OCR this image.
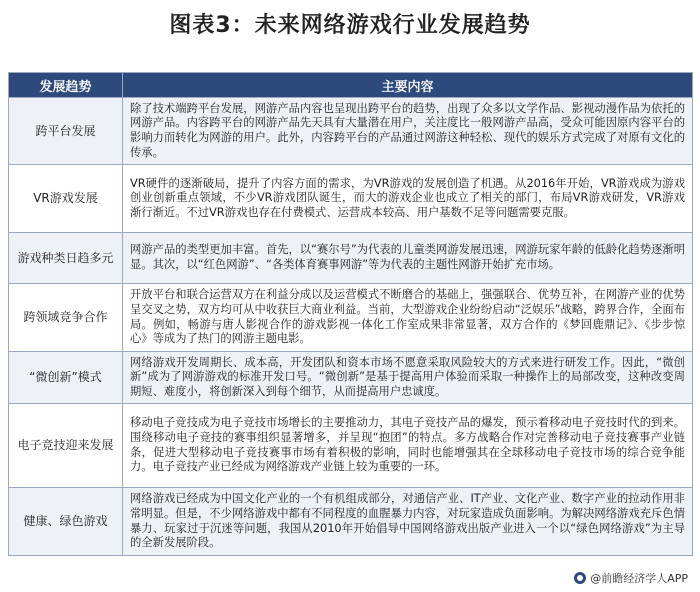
图表3：未来网络游戏行业发展趋势
发展趋势	主要内容
跨平台发展	除了技术端跨平台发展，网游产品内容也呈现出跨平台的趋势，出现了众多以文学作品、影视动漫作品为依托的网游产品。内容跨平台的网游产品先天具有大量潜在用户，关注度比一般网游产品高，受众可能因原内容平台的影响力而转化为网游的用户。此外，内容跨平台的产品通过网游这种轻松、现代的娱乐方式完成了对原有文化的传承。
VR游戏发展	VR硬件的逐渐破局，提升了内容方面的需求，为VR游戏的发展创造了机遇。从2016年开始，VR游戏成为游戏创业创新重点领域，不少VR游戏团队诞生，而大的游戏企业也成立了相关的部门，布局VR游戏研发，VR游戏渐行渐近。不过VR游戏也存在付费模式、运营成本较高、用户基数不足等问题需要克服。
游戏种类日趋多元	网游产品的类型更加丰富。首先，以“赛尔号”为代表的儿童类网游发展迅速，网游玩家年龄的低龄化趋势逐渐明显。其次，以“红色网游”、“各类体育赛事网游”等为代表的主题性网游开始扩充市场。
跨领域竞争合作	开放平台和联合运营双方在利益分成以及运营模式不断磨合的基础上，强强联合、优势互补，在网游产业的优势呈交叉之势，双方均可从中收获巨大商业利益。当前，大型游戏企业纷纷启动“泛娱乐”战略，跨界合作，全面布局。例如，畅游与唐人影视合作的游戏影视一体化工作室成果非常显著，双方合作的《梦回鹿鼎记》、《步步惊心》等成为了热门的网游主题电影。
“微创新”模式	网络游戏开发周期长、成本高，开发团队和资本市场不愿意采取风险较大的方式来进行研发工作。因此，“微创新”成为了网游游戏的标准开发口号。“微创新”是基于提高用户体验而采取一种操作上的局部改变，这种改变周期短、难度小，将创新深入到每个细节，从而提高用户忠诚度。
电子竞技迎来发展	移动电子竞技成为电子竞技市场增长的主要推动力，其电子竞技产品的爆发，预示着移动电子竞技时代的到来。围绕移动电子竞技的赛事组织显著增多，并呈现“抱团”的特点。多方战略合作对完善移动电子竞技赛事产业链条，促进大型移动电子竞技赛事市场有着积极的影响，同时也能增强其在全球移动电子竞技市场的综合竞争能力。电子竞技产业已经成为网络游戏产业链上较为重要的一环。
健康、绿色游戏	网络游戏已经成为中国文化产业的一个有机组成部分，对通信产业、IT产业、文化产业、数字产业的拉动作用非常明显。但是，不少网络游戏中都有不同程度的血腥暴力内容，对玩家造成负面影响。为解决网络游戏充斥色情暴力、玩家过于沉迷等问题，我国从2010年开始倡导中国网络游戏出版产业进入一个以“绿色网络游戏”为主导的全新发展阶段。
@前瞻经济学人APP
